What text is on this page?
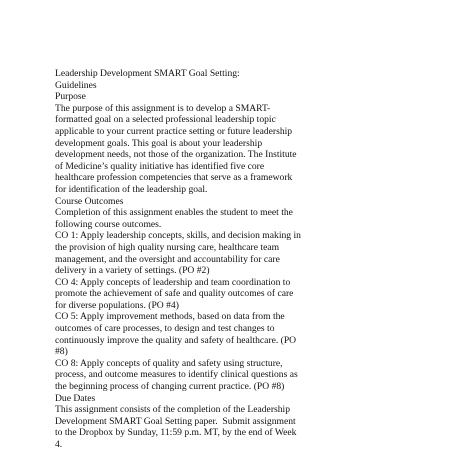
Leadership Development SMART Goal Setting:
Guidelines
Purpose
The purpose of this assignment is to develop a SMART-
formatted goal on a selected professional leadership topic
applicable to your current practice setting or future leadership
development goals. This goal is about your leadership
development needs, not those of the organization. The Institute
of Medicine’s quality initiative has identified five core
healthcare profession competencies that serve as a framework
for identification of the leadership goal.
Course Outcomes
Completion of this assignment enables the student to meet the
following course outcomes.
CO 1: Apply leadership concepts, skills, and decision making in
the provision of high quality nursing care, healthcare team
management, and the oversight and accountability for care
delivery in a variety of settings. (PO #2)
CO 4: Apply concepts of leadership and team coordination to
promote the achievement of safe and quality outcomes of care
for diverse populations. (PO #4)
CO 5: Apply improvement methods, based on data from the
outcomes of care processes, to design and test changes to
continuously improve the quality and safety of healthcare. (PO
#8)
CO 8: Apply concepts of quality and safety using structure,
process, and outcome measures to identify clinical questions as
the beginning process of changing current practice. (PO #8)
Due Dates
This assignment consists of the completion of the Leadership
Development SMART Goal Setting paper.  Submit assignment
to the Dropbox by Sunday, 11:59 p.m. MT, by the end of Week
4.
